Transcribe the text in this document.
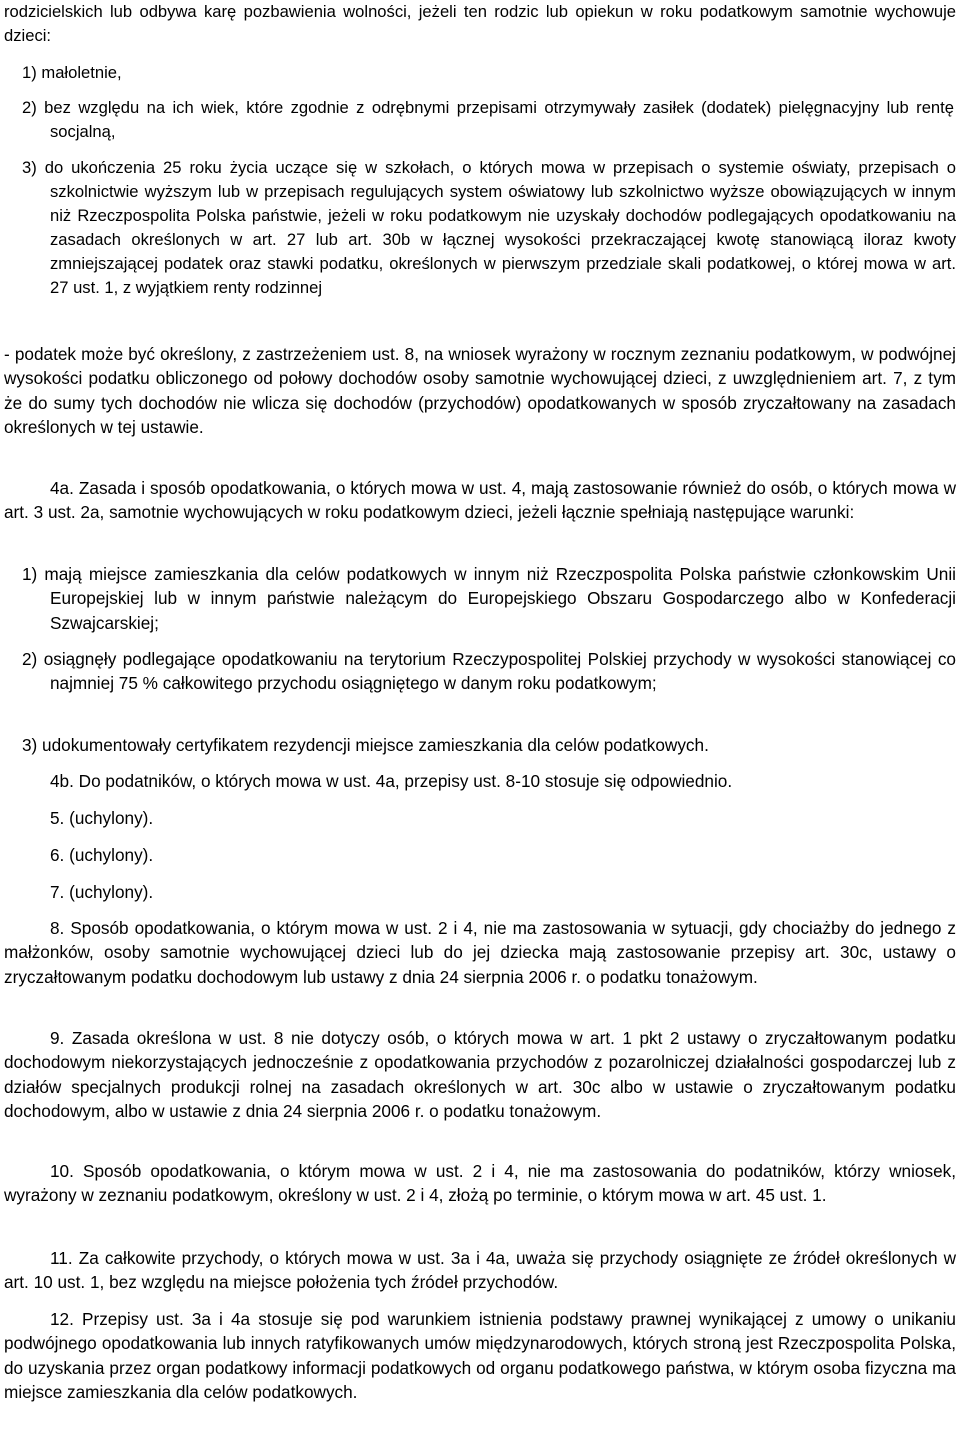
rodzicielskich lub odbywa karę pozbawienia wolności, jeżeli ten rodzic lub opiekun w roku podatkowym samotnie wychowuje dzieci:

1) małoletnie,

2) bez względu na ich wiek, które zgodnie z odrębnymi przepisami otrzymywały zasiłek (dodatek) pielęgnacyjny lub rentę socjalną,

3) do ukończenia 25 roku życia uczące się w szkołach, o których mowa w przepisach o systemie oświaty, przepisach o szkolnictwie wyższym lub w przepisach regulujących system oświatowy lub szkolnictwo wyższe obowiązujących w innym niż Rzeczpospolita Polska państwie, jeżeli w roku podatkowym nie uzyskały dochodów podlegających opodatkowaniu na zasadach określonych w art. 27 lub art. 30b w łącznej wysokości przekraczającej kwotę stanowiącą iloraz kwoty zmniejszającej podatek oraz stawki podatku, określonych w pierwszym przedziale skali podatkowej, o której mowa w art. 27 ust. 1, z wyjątkiem renty rodzinnej

- podatek może być określony, z zastrzeżeniem ust. 8, na wniosek wyrażony w rocznym zeznaniu podatkowym, w podwójnej wysokości podatku obliczonego od połowy dochodów osoby samotnie wychowującej dzieci, z uwzględnieniem art. 7, z tym że do sumy tych dochodów nie wlicza się dochodów (przychodów) opodatkowanych w sposób zryczałtowany na zasadach określonych w tej ustawie.

4a. Zasada i sposób opodatkowania, o których mowa w ust. 4, mają zastosowanie również do osób, o których mowa w art. 3 ust. 2a, samotnie wychowujących w roku podatkowym dzieci, jeżeli łącznie spełniają następujące warunki:

1) mają miejsce zamieszkania dla celów podatkowych w innym niż Rzeczpospolita Polska państwie członkowskim Unii Europejskiej lub w innym państwie należącym do Europejskiego Obszaru Gospodarczego albo w Konfederacji Szwajcarskiej;

2) osiągnęły podlegające opodatkowaniu na terytorium Rzeczypospolitej Polskiej przychody w wysokości stanowiącej co najmniej 75 % całkowitego przychodu osiągniętego w danym roku podatkowym;

3) udokumentowały certyfikatem rezydencji miejsce zamieszkania dla celów podatkowych.

4b. Do podatników, o których mowa w ust. 4a, przepisy ust. 8-10 stosuje się odpowiednio.

5. (uchylony).

6. (uchylony).

7. (uchylony).

8. Sposób opodatkowania, o którym mowa w ust. 2 i 4, nie ma zastosowania w sytuacji, gdy chociażby do jednego z małżonków, osoby samotnie wychowującej dzieci lub do jej dziecka mają zastosowanie przepisy art. 30c, ustawy o zryczałtowanym podatku dochodowym lub ustawy z dnia 24 sierpnia 2006 r. o podatku tonażowym.

9. Zasada określona w ust. 8 nie dotyczy osób, o których mowa w art. 1 pkt 2 ustawy o zryczałtowanym podatku dochodowym niekorzystających jednocześnie z opodatkowania przychodów z pozarolniczej działalności gospodarczej lub z działów specjalnych produkcji rolnej na zasadach określonych w art. 30c albo w ustawie o zryczałtowanym podatku dochodowym, albo w ustawie z dnia 24 sierpnia 2006 r. o podatku tonażowym.

10. Sposób opodatkowania, o którym mowa w ust. 2 i 4, nie ma zastosowania do podatników, którzy wniosek, wyrażony w zeznaniu podatkowym, określony w ust. 2 i 4, złożą po terminie, o którym mowa w art. 45 ust. 1.

11. Za całkowite przychody, o których mowa w ust. 3a i 4a, uważa się przychody osiągnięte ze źródeł określonych w art. 10 ust. 1, bez względu na miejsce położenia tych źródeł przychodów.

12. Przepisy ust. 3a i 4a stosuje się pod warunkiem istnienia podstawy prawnej wynikającej z umowy o unikaniu podwójnego opodatkowania lub innych ratyfikowanych umów międzynarodowych, których stroną jest Rzeczpospolita Polska, do uzyskania przez organ podatkowy informacji podatkowych od organu podatkowego państwa, w którym osoba fizyczna ma miejsce zamieszkania dla celów podatkowych.
